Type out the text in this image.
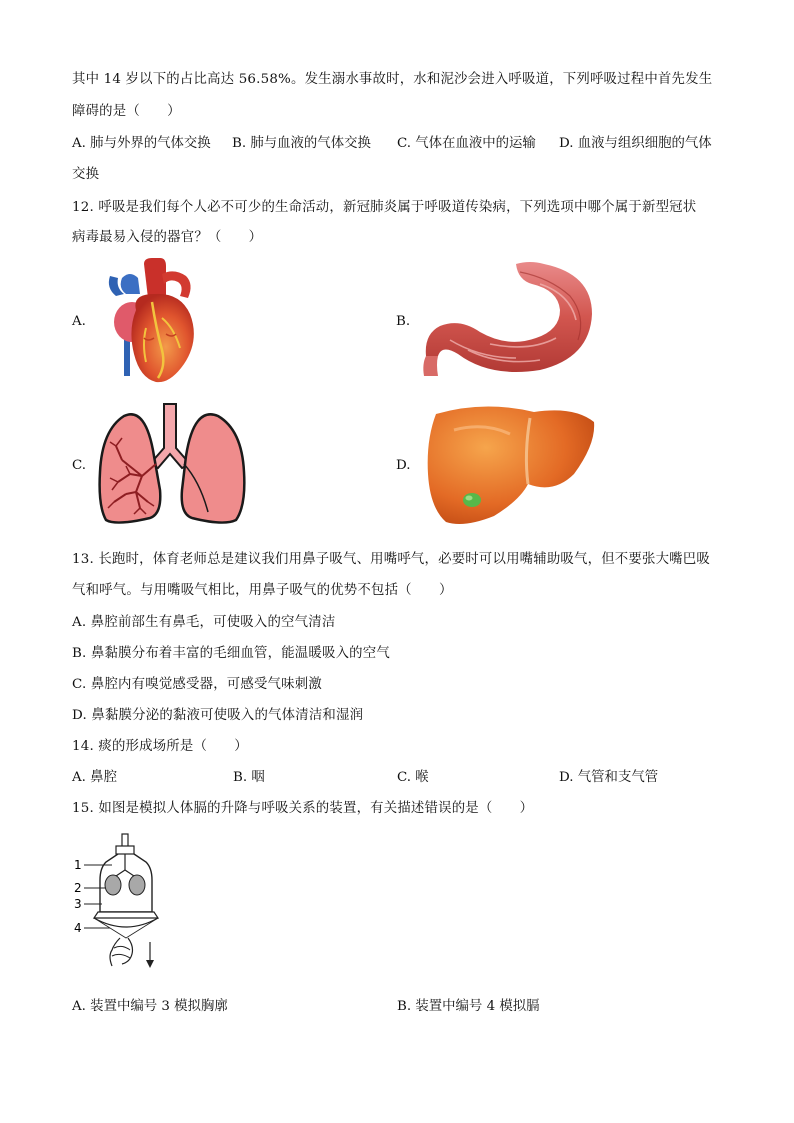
其中 14 岁以下的占比高达 56.58%。发生溺水事故时，水和泥沙会进入呼吸道，下列呼吸过程中首先发生
障碍的是（　　）
A. 肺与外界的气体交换 B. 肺与血液的气体交换 C. 气体在血液中的运输 D. 血液与组织细胞的气体
交换
12. 呼吸是我们每个人必不可少的生命活动，新冠肺炎属于呼吸道传染病，下列选项中哪个属于新型冠状
病毒最易入侵的器官？（　　）
A.	B.
C.	D.
13. 长跑时，体育老师总是建议我们用鼻子吸气、用嘴呼气，必要时可以用嘴辅助吸气，但不要张大嘴巴吸
气和呼气。与用嘴吸气相比，用鼻子吸气的优势不包括（　　）
A. 鼻腔前部生有鼻毛，可使吸入的空气清洁
B. 鼻黏膜分布着丰富的毛细血管，能温暖吸入的空气
C. 鼻腔内有嗅觉感受器，可感受气味刺激
D. 鼻黏膜分泌的黏液可使吸入的气体清洁和湿润
14. 痰的形成场所是（　　）
A. 鼻腔	B. 咽	C. 喉	D. 气管和支气管
15. 如图是模拟人体膈的升降与呼吸关系的装置，有关描述错误的是（　　）
1
2
3
4
A. 装置中编号 3 模拟胸廓	B. 装置中编号 4 模拟膈
